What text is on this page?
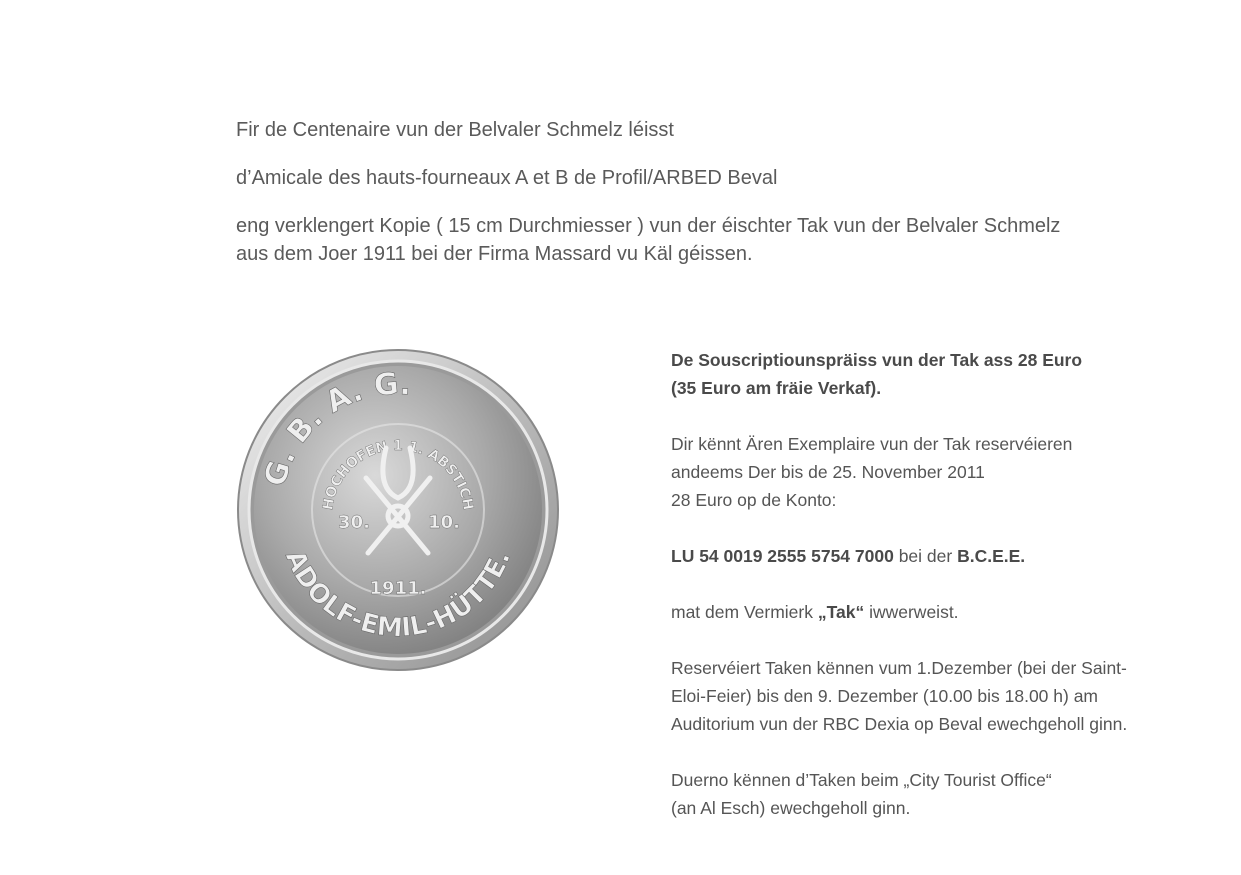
Fir de Centenaire vun der Belvaler Schmelz léisst

d’Amicale des hauts-fourneaux A et B de Profil/ARBED Beval

eng verklengert Kopie ( 15 cm Durchmiesser ) vun der éischter Tak vun der Belvaler Schmelz
aus dem Joer 1911 bei der Firma Massard vu Käl géissen.

G. B. A. G.
ADOLF-EMIL-HÜTTE.
HOCHOFEN 1 1. ABSTICH
30.	10.
1911.

De Souscriptiounspräiss vun der Tak ass 28 Euro
(35 Euro am fräie Verkaf).

Dir kënnt Ären Exemplaire vun der Tak reservéieren
andeems Der bis de 25. November 2011
28 Euro op de Konto:

LU 54 0019 2555 5754 7000 bei der B.C.E.E.

mat dem Vermierk „Tak“ iwwerweist.

Reservéiert Taken kënnen vum 1.Dezember (bei der Saint-
Eloi-Feier) bis den 9. Dezember (10.00 bis 18.00 h) am
Auditorium vun der RBC Dexia op Beval ewechgeholl ginn.

Duerno kënnen d’Taken beim „City Tourist Office“
(an Al Esch) ewechgeholl ginn.
